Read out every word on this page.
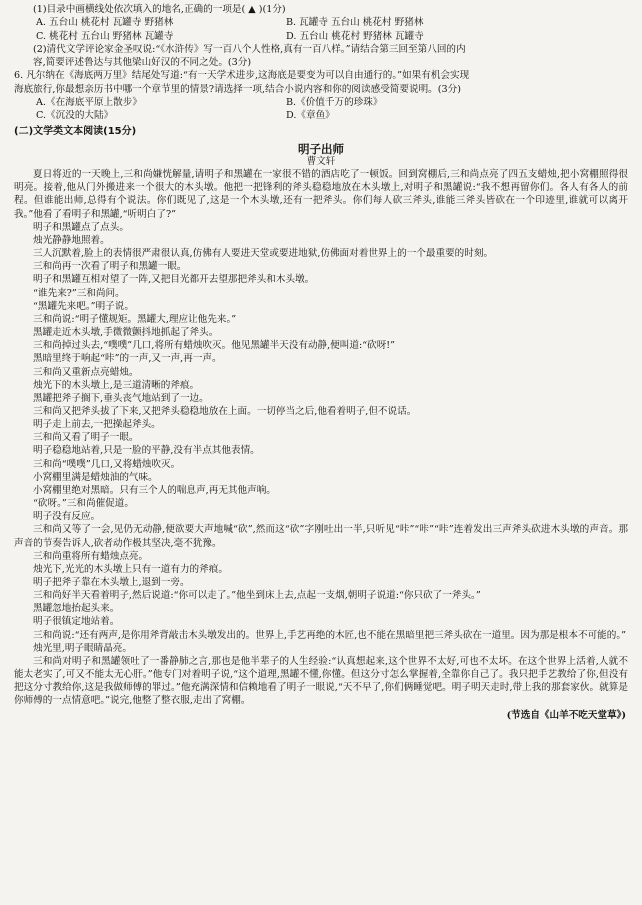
(1)目录中画横线处依次填入的地名,正确的一项是( ▲ )(1分)
A. 五台山 桃花村 瓦罐寺 野猪林	B. 瓦罐寺 五台山 桃花村 野猪林
C. 桃花村 五台山 野猪林 瓦罐寺	D. 五台山 桃花村 野猪林 瓦罐寺
(2)清代文学评论家金圣叹说:“《水浒传》写一百八个人性格,真有一百八样。”请结合第三回至第八回的内
容,简要评述鲁达与其他梁山好汉的不同之处。(3分)
6. 凡尔纳在《海底两万里》结尾处写道:“有一天学术进步,这海底是要变为可以自由通行的。”如果有机会实现
海底旅行,你最想亲历书中哪一个章节里的情景?请选择一项,结合小说内容和你的阅读感受简要说明。(3分)
A.《在海底平原上散步》	B.《价值千万的珍珠》
C.《沉没的大陆》	D.《章鱼》
(二)文学类文本阅读(15分)
明子出师
曹文轩

夏日将近的一天晚上,三和尚嫌恍解量,请明子和黑罐在一家很不错的酒店吃了一顿饭。回到窝棚后,三和尚点亮了四五支蜡烛,把小窝棚照得很明亮。接着,他从门外搬进来一个很大的木头墩。他把一把锋利的斧头稳稳地放在木头墩上,对明子和黑罐说:“我不想再留你们。各人有各人的前程。但谁能出师,总得有个说法。你们既见了,这是一个木头墩,还有一把斧头。你们每人砍三斧头,谁能三斧头皆砍在一个印迹里,谁就可以离开我。”他看了看明子和黑罐,“听明白了?”

明子和黑罐点了点头。

烛光静静地照着。

三人沉默着,脸上的表情很严肃很认真,仿佛有人要进天堂或要进地狱,仿佛面对着世界上的一个最重要的时刻。

三和尚再一次看了明子和黑罐一眼。

明子和黑罐互相对望了一阵,又把目光都开去望那把斧头和木头墩。

“谁先来?”三和尚问。

“黑罐先来吧。”明子说。

三和尚说:“明子懂规矩。黑罐大,理应让他先来。”

黑罐走近木头墩,手微微颤抖地抓起了斧头。

三和尚掉过头去,“噗噗”几口,将所有蜡烛吹灭。他见黑罐半天没有动静,便叫道:“砍呀!”

黑暗里终于响起“咔”的一声,又一声,再一声。

三和尚又重新点亮蜡烛。

烛光下的木头墩上,是三道清晰的斧痕。

黑罐把斧子搁下,垂头丧气地站到了一边。

三和尚又把斧头拔了下来,又把斧头稳稳地放在上面。一切停当之后,他看着明子,但不说话。

明子走上前去,一把操起斧头。

三和尚又看了明子一眼。

明子稳稳地站着,只是一脸的平静,没有半点其他表情。

三和尚“噗噗”几口,又将蜡烛吹灭。

小窝棚里满是蜡烛油的气味。

小窝棚里绝对黑暗。只有三个人的喘息声,再无其他声响。

“砍呀。”三和尚催促道。

明子没有反应。

三和尚又等了一会,见仍无动静,便欲要大声地喊“砍”,然而这“砍”字刚吐出一半,只听见“咔”“咔”“咔”连着发出三声斧头砍进木头墩的声音。那声音的节奏告诉人,砍者动作极其坚决,毫不犹豫。

三和尚重将所有蜡烛点亮。

烛光下,光光的木头墩上只有一道有力的斧痕。

明子把斧子靠在木头墩上,退到一旁。

三和尚好半天看着明子,然后说道:“你可以走了。”他坐到床上去,点起一支烟,朝明子说道:“你只砍了一斧头。”

黑罐忽地抬起头来。

明子很镇定地站着。

三和尚说:“还有两声,是你用斧背敲击木头墩发出的。世界上,手艺再绝的木匠,也不能在黑暗里把三斧头砍在一道里。因为那是根本不可能的。”

烛光里,明子眼睛晶亮。

三和尚对明子和黑罐领吐了一番静肺之言,那也是他半辈子的人生经验:“认真想起来,这个世界不太好,可也不太坏。在这个世界上活着,人就不能太老实了,可又不能太无心肝。”他专门对着明子说,“这个道理,黑罐不懂,你懂。但这分寸怎么掌握着,全靠你自己了。我只把手艺教给了你,但没有把这分寸教给你,这是我做师傅的罪过。”他充满深情和信赖地看了明子一眼说,“天不早了,你们俩睡觉吧。明子明天走时,带上我的那套家伙。就算是你师傅的一点情意吧。”说完,他整了整衣服,走出了窝棚。

(节选自《山羊不吃天堂草》)
